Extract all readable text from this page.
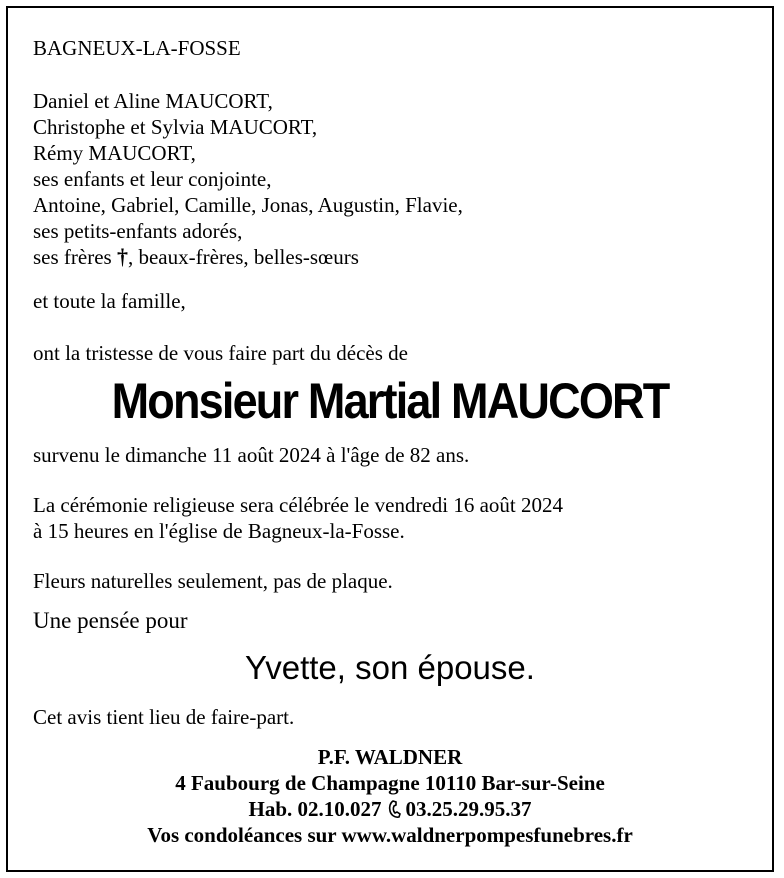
BAGNEUX-LA-FOSSE
Daniel et Aline MAUCORT,
Christophe et Sylvia MAUCORT,
Rémy MAUCORT,
ses enfants et leur conjointe,
Antoine, Gabriel, Camille, Jonas, Augustin, Flavie,
ses petits-enfants adorés,
ses frères †, beaux-frères, belles-sœurs
et toute la famille,
ont la tristesse de vous faire part du décès de
Monsieur Martial MAUCORT
survenu le dimanche 11 août 2024 à l'âge de 82 ans.
La cérémonie religieuse sera célébrée le vendredi 16 août 2024
à 15 heures en l'église de Bagneux-la-Fosse.
Fleurs naturelles seulement, pas de plaque.
Une pensée pour
Yvette, son épouse.
Cet avis tient lieu de faire-part.
P.F. WALDNER
4 Faubourg de Champagne 10110 Bar-sur-Seine
Hab. 02.10.027 03.25.29.95.37
Vos condoléances sur www.waldnerpompesfunebres.fr
